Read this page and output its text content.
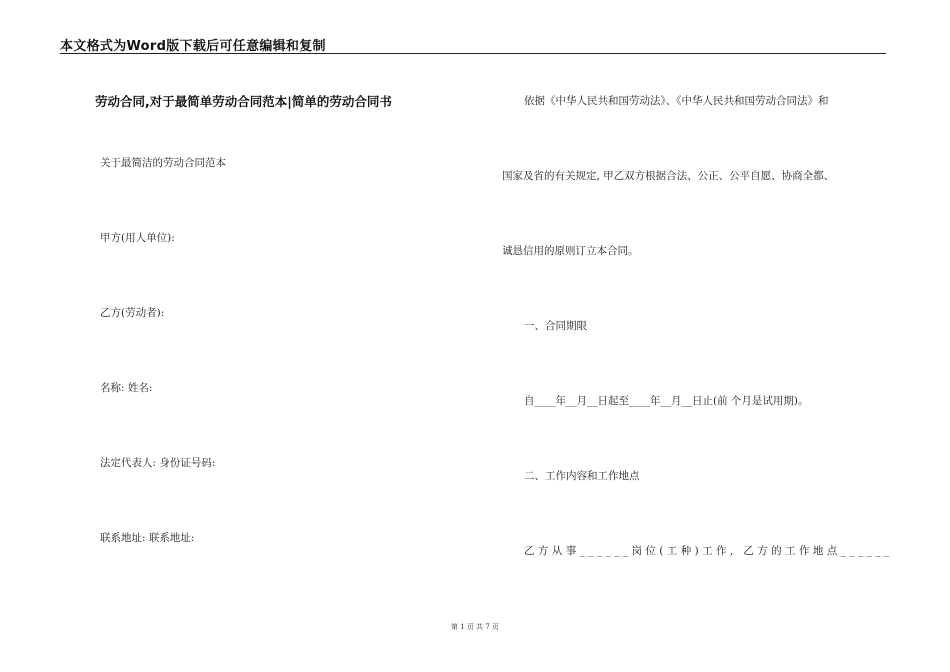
本文格式为Word版下载后可任意编辑和复制
劳动合同,对于最简单劳动合同范本|简单的劳动合同书
关于最简洁的劳动合同范本
甲方(用人单位):
乙方(劳动者):
名称: 姓名:
法定代表人: 身份证号码:
联系地址: 联系地址:
依据《中华人民共和国劳动法》、《中华人民共和国劳动合同法》和
国家及省的有关规定, 甲乙双方根据合法、公正、公平自愿、协商全都、
诚恳信用的原则订立本合同。
一、合同期限
自____年__月__日起至____年__月__日止(前 个月是试用期)。
二、工作内容和工作地点
乙方从事______岗位(工种)工作, 乙方的工作地点______
第 1 页 共 7 页
